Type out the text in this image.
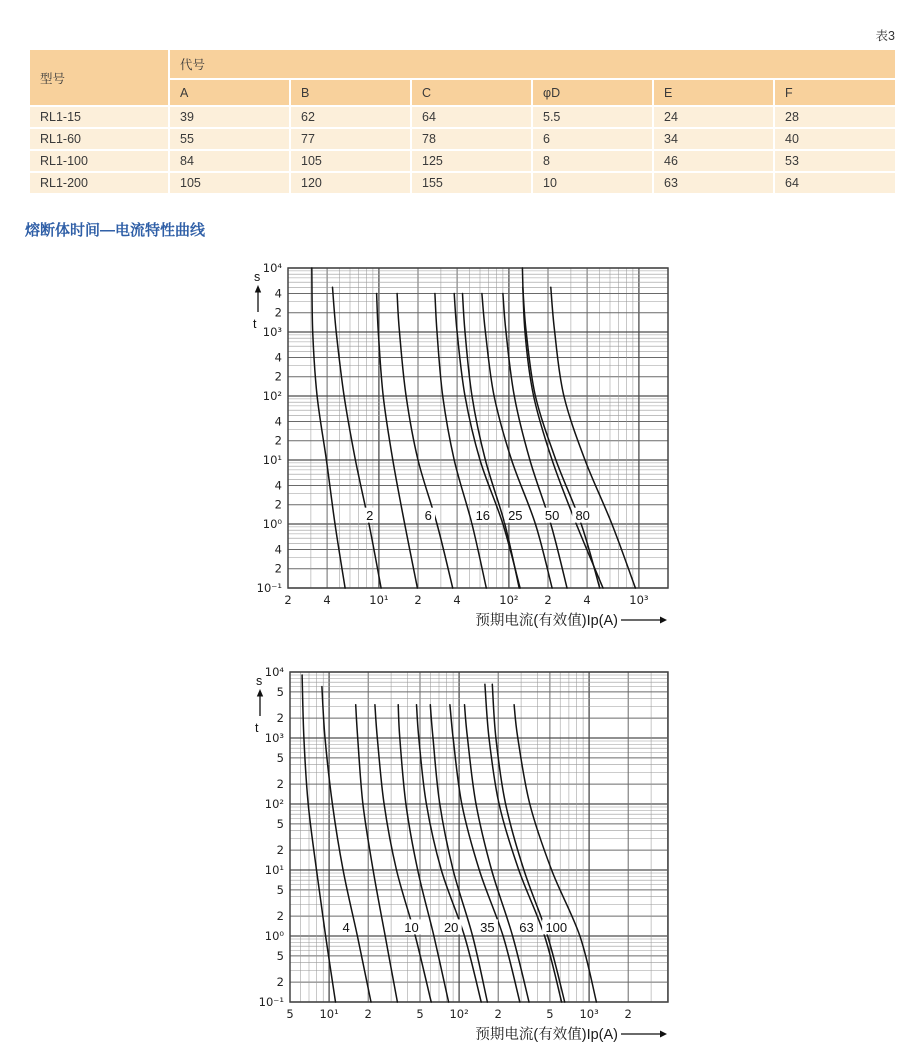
表3
型号	代号					
	A	B	C	φD	E	F
RL1-15	39	62	64	5.5	24	28
RL1-60	55	77	78	6	34	40
RL1-100	84	105	125	8	46	53
RL1-200	105	120	155	10	63	64
熔断体时间—电流特性曲线
2	6	16 25 50 80
2	4	10¹ 2	4	10² 2	4	10³
10⁴
4
2
10³
4
2
10²
4
2
10¹
4
2
10⁰
4
2
10⁻¹
预期电流(有效值)Ip(A)
s
t
4	10 20 35 63 100
5 10¹ 2	5 10² 2	5 10³ 2
10⁴
5
2
10³
5
2
10²
5
2
10¹
5
2
10⁰
5
2
10⁻¹
预期电流(有效值)Ip(A)
s
t
